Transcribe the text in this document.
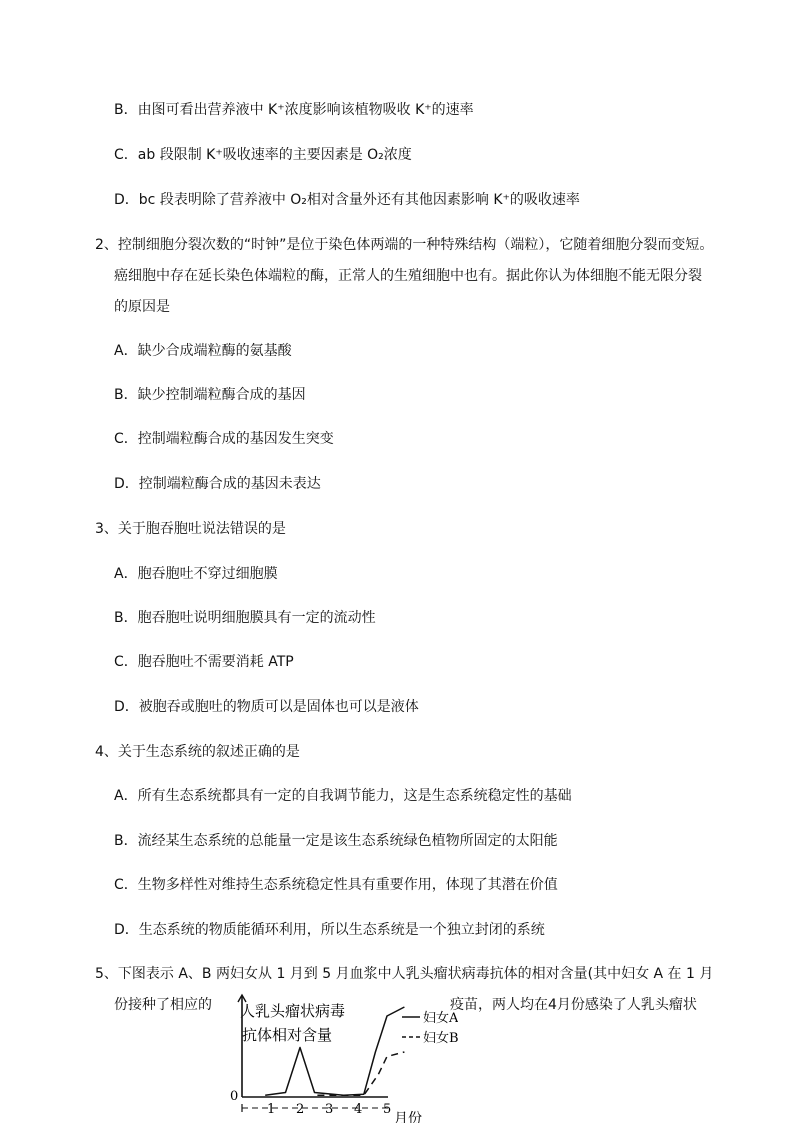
B．由图可看出营养液中 K⁺浓度影响该植物吸收 K⁺的速率
C．ab 段限制 K⁺吸收速率的主要因素是 O₂浓度
D．bc 段表明除了营养液中 O₂相对含量外还有其他因素影响 K⁺的吸收速率
2、控制细胞分裂次数的“时钟”是位于染色体两端的一种特殊结构（端粒），它随着细胞分裂而变短。
癌细胞中存在延长染色体端粒的酶，正常人的生殖细胞中也有。据此你认为体细胞不能无限分裂
的原因是
A．缺少合成端粒酶的氨基酸
B．缺少控制端粒酶合成的基因
C．控制端粒酶合成的基因发生突变
D．控制端粒酶合成的基因未表达
3、关于胞吞胞吐说法错误的是
A．胞吞胞吐不穿过细胞膜
B．胞吞胞吐说明细胞膜具有一定的流动性
C．胞吞胞吐不需要消耗 ATP
D．被胞吞或胞吐的物质可以是固体也可以是液体
4、关于生态系统的叙述正确的是
A．所有生态系统都具有一定的自我调节能力，这是生态系统稳定性的基础
B．流经某生态系统的总能量一定是该生态系统绿色植物所固定的太阳能
C．生物多样性对维持生态系统稳定性具有重要作用，体现了其潜在价值
D．生态系统的物质能循环利用，所以生态系统是一个独立封闭的系统
5、下图表示 A、B 两妇女从 1 月到 5 月血浆中人乳头瘤状病毒抗体的相对含量(其中妇女 A 在 1 月
份接种了相应的	疫苗，两人均在4月份感染了人乳头瘤状
人乳头瘤状病毒
抗体相对含量
0
妇女A
妇女B
1 2 3 4 5
月份
